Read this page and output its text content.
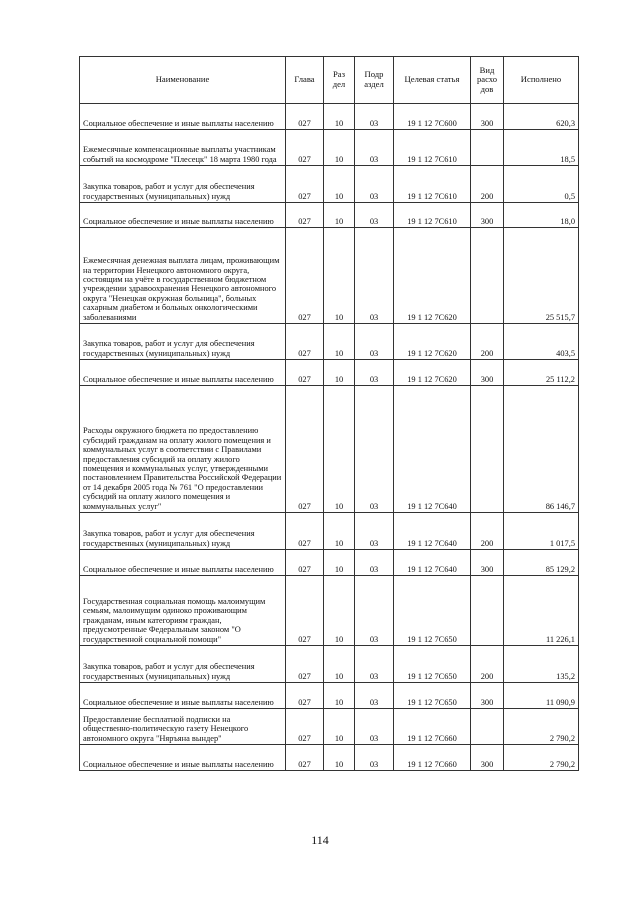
Наименование	Глава	Раз дел	Подр аздел	Целевая статья	Вид расхо дов	Исполнено
Социальное обеспечение и иные выплаты населению	027	10	03	19 1 12 7С600	300	620,3
Ежемесячные компенсационные выплаты участникам событий на космодроме "Плесецк" 18 марта 1980 года	027	10	03	19 1 12 7С610		18,5
Закупка товаров, работ и услуг для обеспечения государственных (муниципальных) нужд	027	10	03	19 1 12 7С610	200	0,5
Социальное обеспечение и иные выплаты населению	027	10	03	19 1 12 7С610	300	18,0
Ежемесячная денежная выплата лицам, проживающим на территории Ненецкого автономного округа, состоящим на учёте в государственном бюджетном учреждении здравоохранения Ненецкого автономного округа "Ненецкая окружная больница", больных сахарным диабетом и больных онкологическими заболеваниями	027	10	03	19 1 12 7С620		25 515,7
Закупка товаров, работ и услуг для обеспечения государственных (муниципальных) нужд	027	10	03	19 1 12 7С620	200	403,5
Социальное обеспечение и иные выплаты населению	027	10	03	19 1 12 7С620	300	25 112,2
Расходы окружного бюджета по предоставлению субсидий гражданам на оплату жилого помещения и коммунальных услуг в соответствии с Правилами предоставления субсидий на оплату жилого помещения и коммунальных услуг, утвержденными постановлением Правительства Российской Федерации от 14 декабря 2005 года № 761 "О предоставлении субсидий на оплату жилого помещения и коммунальных услуг"	027	10	03	19 1 12 7С640		86 146,7
Закупка товаров, работ и услуг для обеспечения государственных (муниципальных) нужд	027	10	03	19 1 12 7С640	200	1 017,5
Социальное обеспечение и иные выплаты населению	027	10	03	19 1 12 7С640	300	85 129,2
Государственная социальная помощь малоимущим семьям, малоимущим одиноко проживающим гражданам, иным категориям граждан, предусмотренные Федеральным законом "О государственной социальной помощи"	027	10	03	19 1 12 7С650		11 226,1
Закупка товаров, работ и услуг для обеспечения государственных (муниципальных) нужд	027	10	03	19 1 12 7С650	200	135,2
Социальное обеспечение и иные выплаты населению	027	10	03	19 1 12 7С650	300	11 090,9
Предоставление бесплатной подписки на общественно-политическую газету Ненецкого автономного округа "Няръяна вындер"	027	10	03	19 1 12 7С660		2 790,2
Социальное обеспечение и иные выплаты населению	027	10	03	19 1 12 7С660	300	2 790,2
114
